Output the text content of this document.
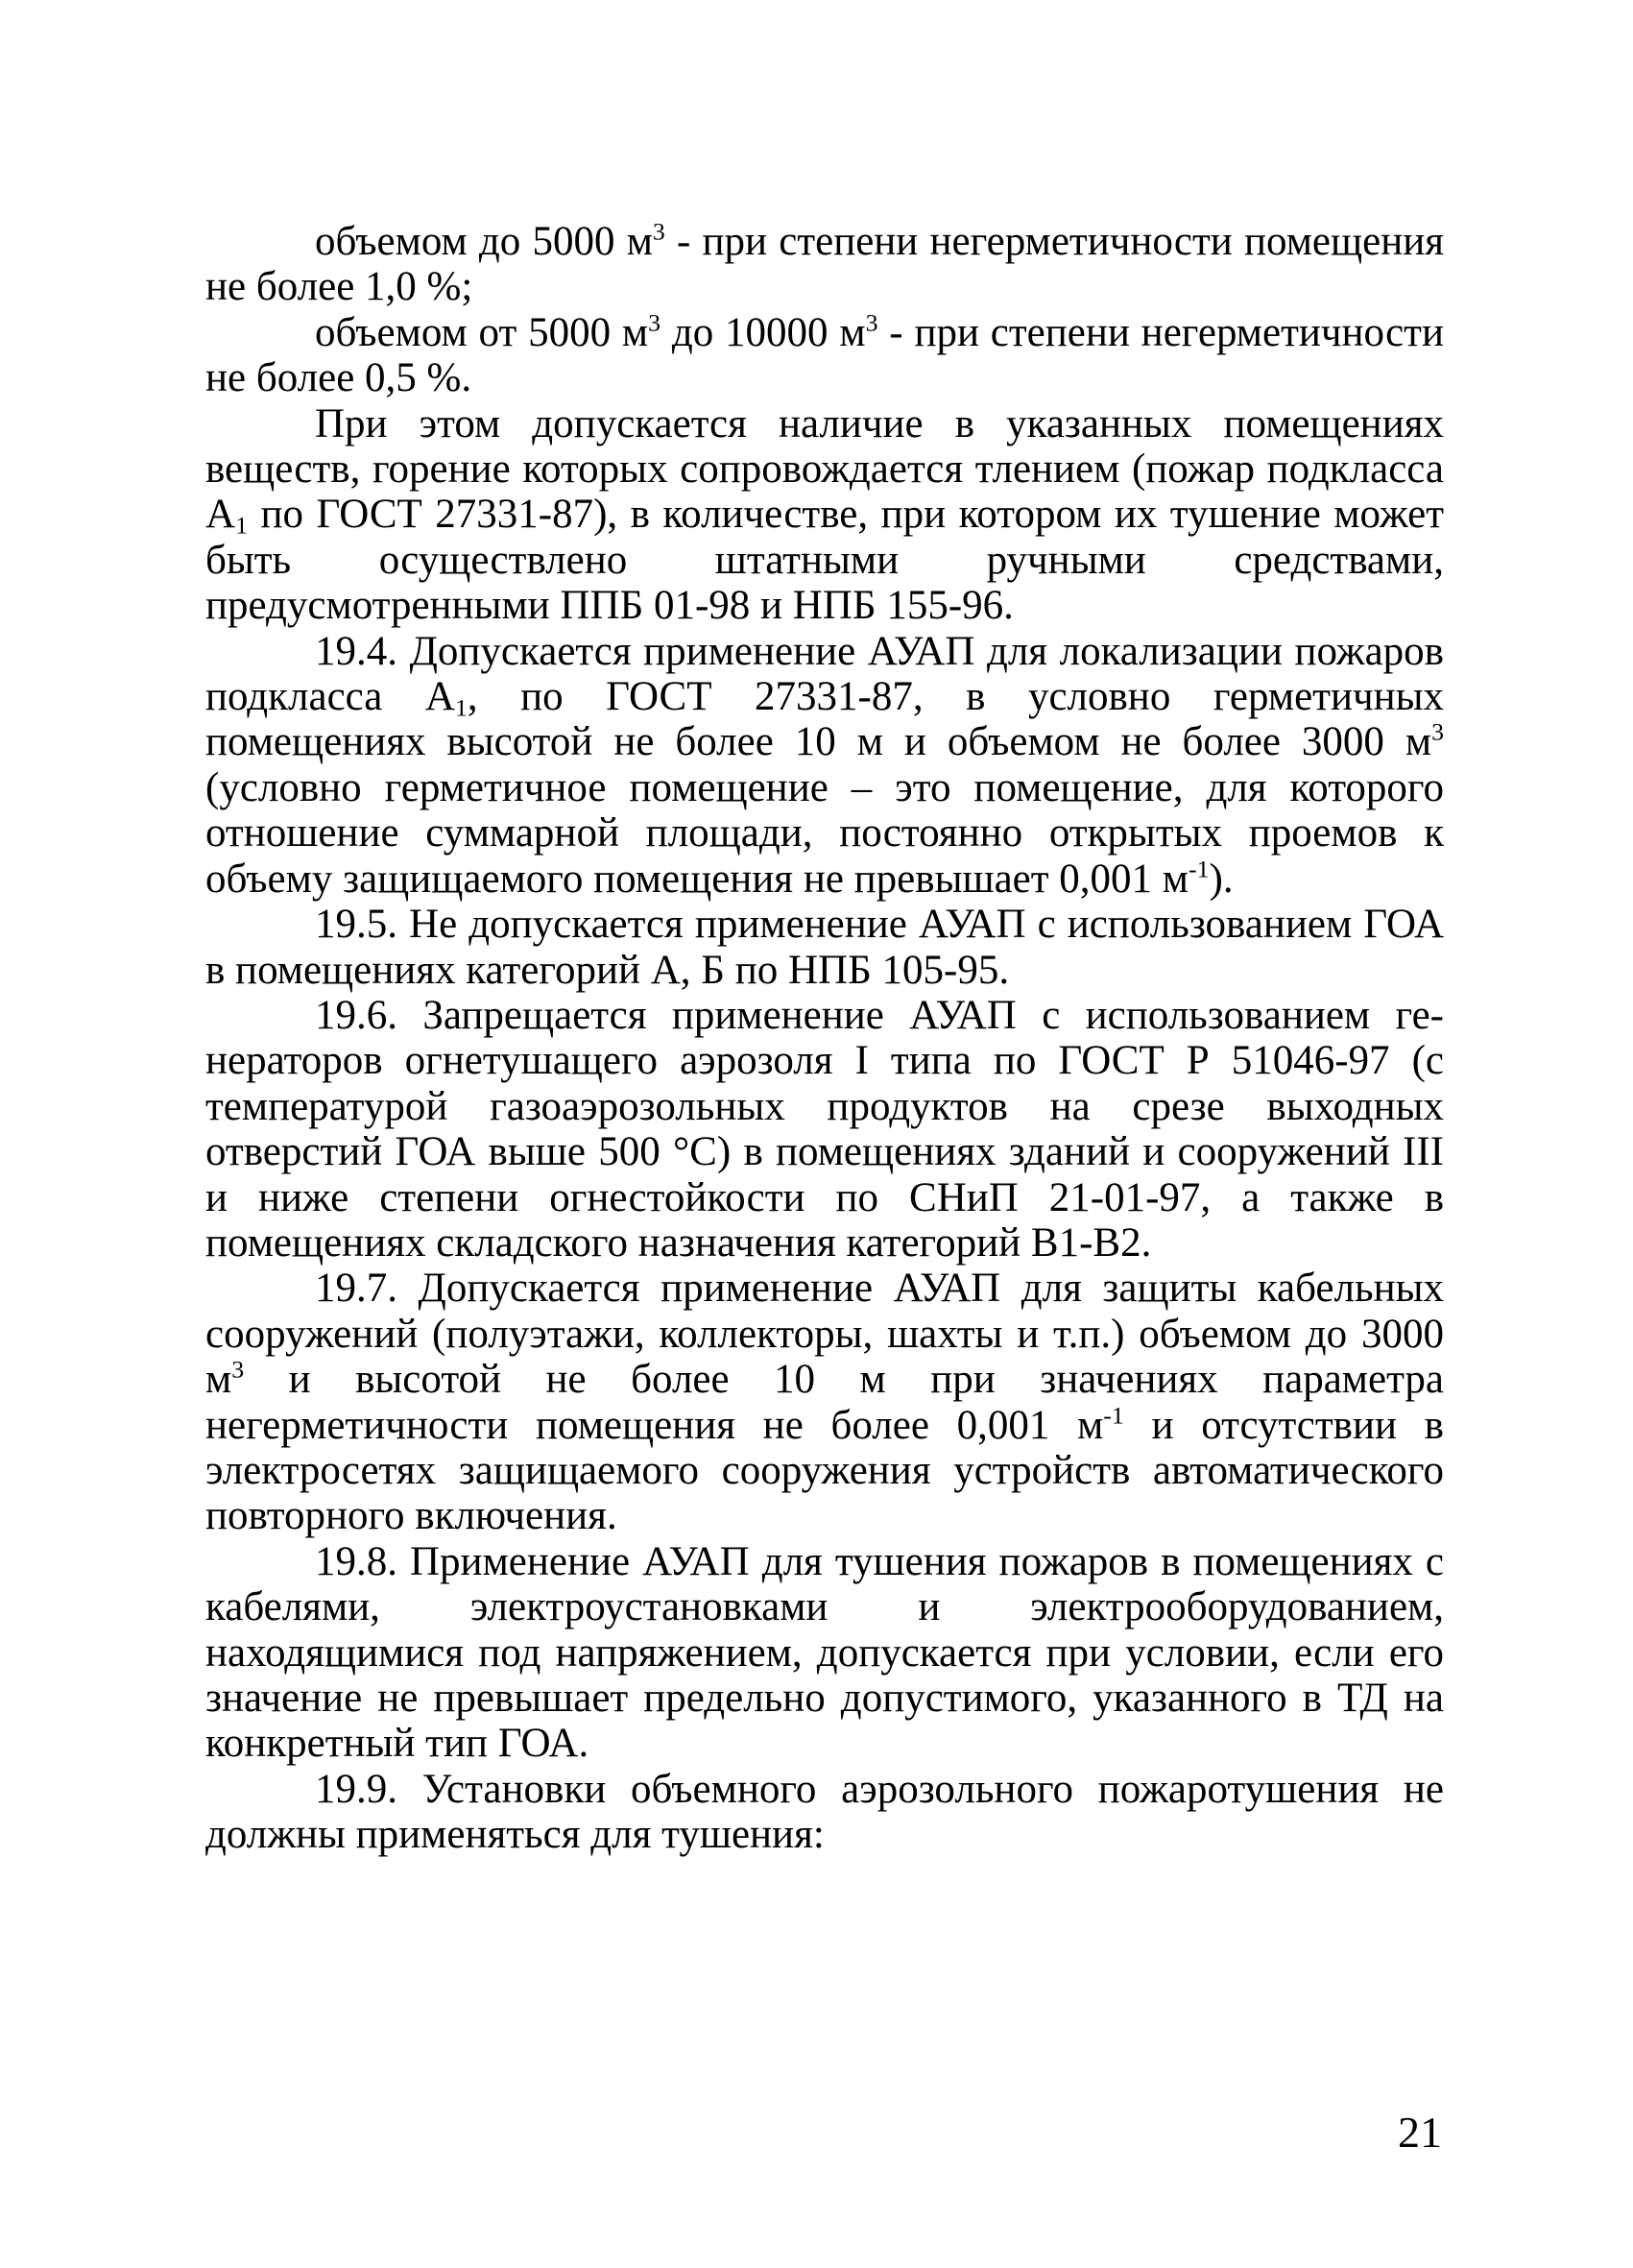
объемом до 5000 $м^3$ - при степени негерметичности помещения не более 1,0 %;

объемом от 5000 $м^3$ до 10000 $м^3$ - при степени негерметичности не более 0,5 %.

При этом допускается наличие в указанных помещениях веществ, горение которых сопровождается тлением (пожар подкласса $А_1$ по ГОСТ 27331-87), в количестве, при котором их тушение может быть осуществлено штатными ручными средствами, предусмотренными ППБ 01-98 и НПБ 155-96.

19.4. Допускается применение АУАП для локализации пожаров подкласса $А_1$, по ГОСТ 27331-87, в условно герметичных помещениях высотой не более 10 м и объемом не более 3000 $м^3$ (условно герметичное помещение – это помещение, для которого отношение суммарной площади, постоянно открытых проемов к объему защищаемого помещения не превышает 0,001 $м^{-1}$).

19.5. Не допускается применение АУАП с использованием ГОА в помещениях категорий А, Б по НПБ 105-95.

19.6. Запрещается применение АУАП с использованием генераторов огнетушащего аэрозоля I типа по ГОСТ Р 51046-97 (с температурой газоаэрозольных продуктов на срезе выходных отверстий ГОА выше 500 °С) в помещениях зданий и сооружений III и ниже степени огнестойкости по СНиП 21-01-97, а также в помещениях складского назначения категорий В1-В2.

19.7. Допускается применение АУАП для защиты кабельных сооружений (полуэтажи, коллекторы, шахты и т.п.) объемом до 3000 $м^3$ и высотой не более 10 м при значениях параметра негерметичности помещения не более 0,001 $м^{-1}$ и отсутствии в электросетях защищаемого сооружения устройств автоматического повторного включения.

19.8. Применение АУАП для тушения пожаров в помещениях с кабелями, электроустановками и электрооборудованием, находящимися под напряжением, допускается при условии, если его значение не превышает предельно допустимого, указанного в ТД на конкретный тип ГОА.

19.9. Установки объемного аэрозольного пожаротушения не должны применяться для тушения:

21
